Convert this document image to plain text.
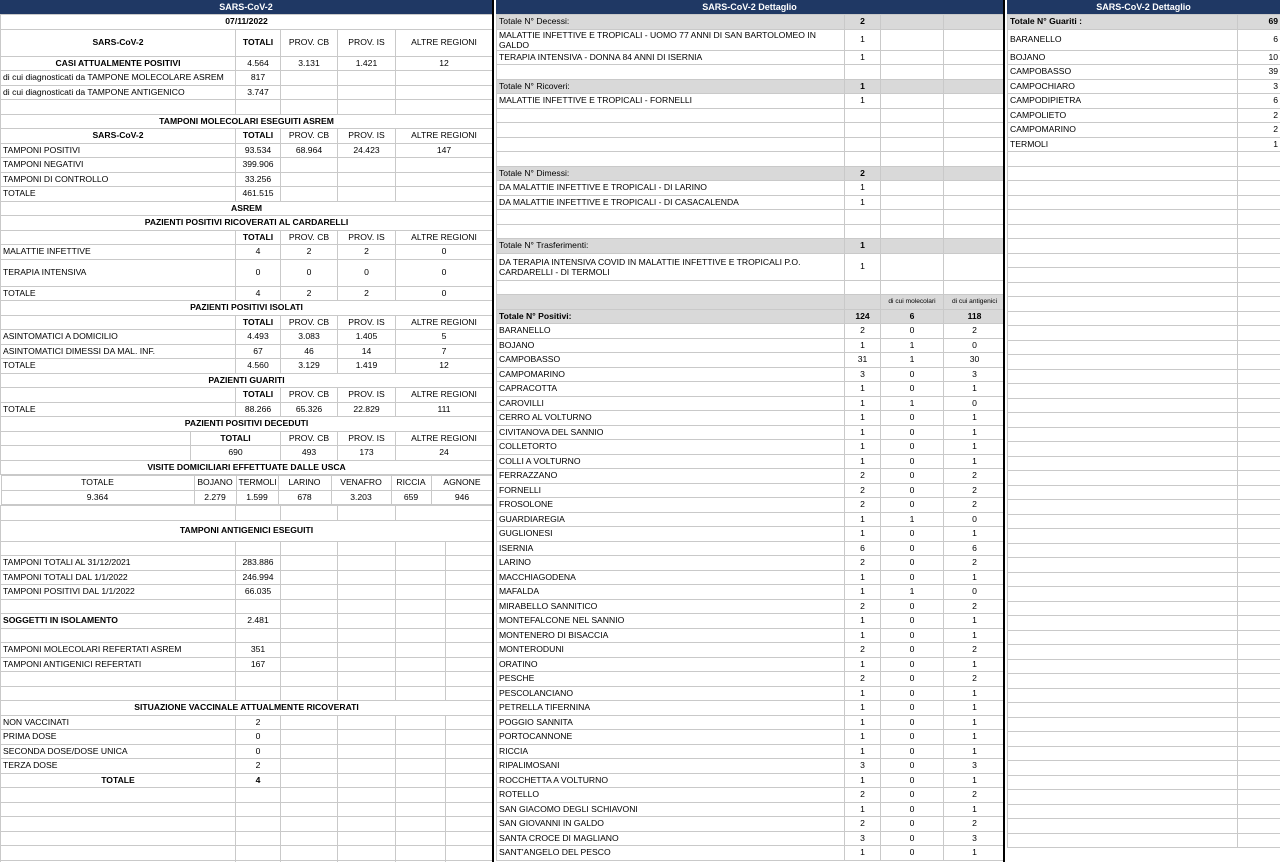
SARS-CoV-2
07/11/2022
SARS-CoV-2	TOTALI	PROV. CB	PROV. IS	ALTRE REGIONI
CASI ATTUALMENTE POSITIVI	4.564	3.131	1.421	12
di cui diagnosticati da TAMPONE MOLECOLARE ASREM	817			
di cui diagnosticati da TAMPONE ANTIGENICO	3.747			

TAMPONI MOLECOLARI ESEGUITI ASREM
SARS-CoV-2	TOTALI	PROV. CB	PROV. IS	ALTRE REGIONI
TAMPONI POSITIVI	93.534	68.964	24.423	147
TAMPONI NEGATIVI	399.906			
TAMPONI DI CONTROLLO	33.256			
TOTALE	461.515			
ASREM
PAZIENTI POSITIVI RICOVERATI AL CARDARELLI
	TOTALI	PROV. CB	PROV. IS	ALTRE REGIONI
MALATTIE INFETTIVE	4	2	2	0
TERAPIA INTENSIVA	0	0	0	0
TOTALE	4	2	2	0
PAZIENTI POSITIVI ISOLATI
	TOTALI	PROV. CB	PROV. IS	ALTRE REGIONI
ASINTOMATICI A DOMICILIO	4.493	3.083	1.405	5
ASINTOMATICI DIMESSI DA MAL. INF.	67	46	14	7
TOTALE	4.560	3.129	1.419	12
PAZIENTI GUARITI
	TOTALI	PROV. CB	PROV. IS	ALTRE REGIONI
TOTALE	88.266	65.326	22.829	111
PAZIENTI POSITIVI DECEDUTI
	TOTALI	PROV. CB	PROV. IS	ALTRE REGIONI
	690	493	173	24
VISITE DOMICILIARI EFFETTUATE DALLE USCA

TOTALE	BOJANO	TERMOLI	LARINO	VENAFRO	RICCIA	AGNONE
9.364	2.279	1.599	678	3.203	659	946

TAMPONI ANTIGENICI ESEGUITI

TAMPONI TOTALI AL 31/12/2021	283.886				
TAMPONI TOTALI DAL 1/1/2022	246.994				
TAMPONI POSITIVI DAL 1/1/2022	66.035				

SOGGETTI IN ISOLAMENTO	2.481				

TAMPONI MOLECOLARI REFERTATI ASREM	351				
TAMPONI ANTIGENICI REFERTATI	167				

SITUAZIONE VACCINALE ATTUALMENTE RICOVERATI
NON VACCINATI	2				
PRIMA DOSE	0				
SECONDA DOSE/DOSE UNICA	0				
TERZA DOSE	2				
TOTALE	4				

SARS-CoV-2 Dettaglio
Totale N° Decessi:	2		
MALATTIE INFETTIVE E TROPICALI - UOMO 77 ANNI DI SAN BARTOLOMEO IN GALDO	1		
TERAPIA INTENSIVA - DONNA 84 ANNI DI ISERNIA	1		

Totale N° Ricoveri:	1		
MALATTIE INFETTIVE E TROPICALI - FORNELLI	1		

Totale N° Dimessi:	2		
DA MALATTIE INFETTIVE E TROPICALI - DI LARINO	1		
DA MALATTIE INFETTIVE E TROPICALI - DI CASACALENDA	1		

Totale N° Trasferimenti:	1		
DA TERAPIA INTENSIVA COVID IN MALATTIE INFETTIVE E TROPICALI P.O. CARDARELLI - DI TERMOLI	1		

		di cui molecolari	di cui antigenici
Totale N° Positivi:	124	6	118
BARANELLO	2	0	2
BOJANO	1	1	0
CAMPOBASSO	31	1	30
CAMPOMARINO	3	0	3
CAPRACOTTA	1	0	1
CAROVILLI	1	1	0
CERRO AL VOLTURNO	1	0	1
CIVITANOVA DEL SANNIO	1	0	1
COLLETORTO	1	0	1
COLLI A VOLTURNO	1	0	1
FERRAZZANO	2	0	2
FORNELLI	2	0	2
FROSOLONE	2	0	2
GUARDIAREGIA	1	1	0
GUGLIONESI	1	0	1
ISERNIA	6	0	6
LARINO	2	0	2
MACCHIAGODENA	1	0	1
MAFALDA	1	1	0
MIRABELLO SANNITICO	2	0	2
MONTEFALCONE NEL SANNIO	1	0	1
MONTENERO DI BISACCIA	1	0	1
MONTERODUNI	2	0	2
ORATINO	1	0	1
PESCHE	2	0	2
PESCOLANCIANO	1	0	1
PETRELLA TIFERNINA	1	0	1
POGGIO SANNITA	1	0	1
PORTOCANNONE	1	0	1
RICCIA	1	0	1
RIPALIMOSANI	3	0	3
ROCCHETTA A VOLTURNO	1	0	1
ROTELLO	2	0	2
SAN GIACOMO DEGLI SCHIAVONI	1	0	1
SAN GIOVANNI IN GALDO	2	0	2
SANTA CROCE DI MAGLIANO	3	0	3
SANT'ANGELO DEL PESCO	1	0	1
SARS-CoV-2 Dettaglio
Totale N° Guariti :	69
BARANELLO	6
BOJANO	10
CAMPOBASSO	39
CAMPOCHIARO	3
CAMPODIPIETRA	6
CAMPOLIETO	2
CAMPOMARINO	2
TERMOLI	1
